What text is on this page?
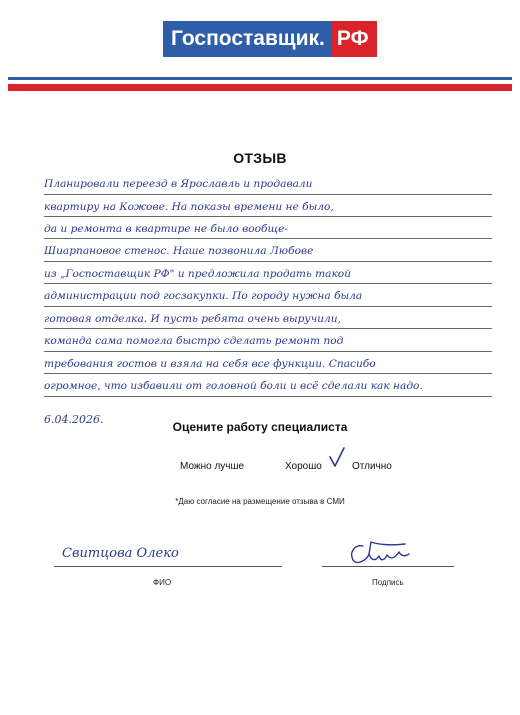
Госпоставщик. РФ
ОТЗЫВ
Планировали переезд в Ярославль и продавали
квартиру на Кожове. На показы времени не было,
да и ремонта в квартире не было вообще-
Шиарпановое стенос. Наше позвонила Любове
из „Госпоставщик РФ" и предложила продать такой
администрации под госзакупки. По городу нужна была
готовая отделка. И пусть ребята очень выручили,
команда сама помогла быстро сделать ремонт под
требования гостов и взяла на себя все функции. Спасибо
огромное, что избавили от головной боли и всё сделали как надо.
6.04.2026.
Оцените работу специалиста
Можно лучше	Хорошо	Отлично
*Даю согласие на размещение отзыва в СМИ
Свитцова Олеко
ФИО	Подпись
